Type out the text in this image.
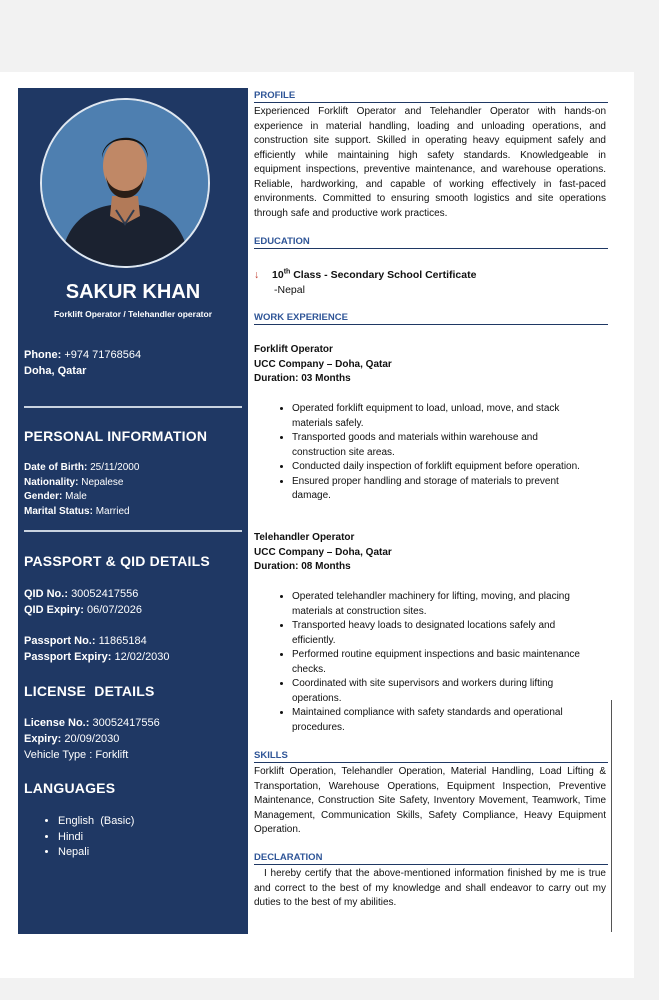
SAKUR KHAN
Forklift Operator / Telehandler operator
Phone: +974 71768564
Doha, Qatar
PERSONAL INFORMATION
Date of Birth: 25/11/2000
Nationality: Nepalese
Gender: Male
Marital Status: Married
PASSPORT & QID DETAILS
QID No.: 30052417556
QID Expiry: 06/07/2026
Passport No.: 11865184
Passport Expiry: 12/02/2030
LICENSE  DETAILS
License No.: 30052417556
Expiry: 20/09/2030
Vehicle Type : Forklift
LANGUAGES
• English  (Basic)
• Hindi
• Nepali
PROFILE
Experienced Forklift Operator and Telehandler Operator with hands-on experience in material handling, loading and unloading operations, and construction site support. Skilled in operating heavy equipment safely and efficiently while maintaining high safety standards. Knowledgeable in equipment inspections, preventive maintenance, and warehouse operations. Reliable, hardworking, and capable of working effectively in fast-paced environments. Committed to ensuring smooth logistics and site operations through safe and productive work practices.
EDUCATION
↓ 10th Class - Secondary School Certificate
-Nepal
WORK EXPERIENCE
Forklift Operator
UCC Company – Doha, Qatar
Duration: 03 Months
• Operated forklift equipment to load, unload, move, and stack materials safely.
• Transported goods and materials within warehouse and construction site areas.
• Conducted daily inspection of forklift equipment before operation.
• Ensured proper handling and storage of materials to prevent damage.
Telehandler Operator
UCC Company – Doha, Qatar
Duration: 08 Months
• Operated telehandler machinery for lifting, moving, and placing materials at construction sites.
• Transported heavy loads to designated locations safely and efficiently.
• Performed routine equipment inspections and basic maintenance checks.
• Coordinated with site supervisors and workers during lifting operations.
• Maintained compliance with safety standards and operational procedures.
SKILLS
Forklift Operation, Telehandler Operation, Material Handling, Load Lifting & Transportation, Warehouse Operations, Equipment Inspection, Preventive Maintenance, Construction Site Safety, Inventory Movement, Teamwork, Time Management, Communication Skills, Safety Compliance, Heavy Equipment Operation.
DECLARATION
I hereby certify that the above-mentioned information finished by me is true and correct to the best of my knowledge and shall endeavor to carry out my duties to the best of my abilities.
